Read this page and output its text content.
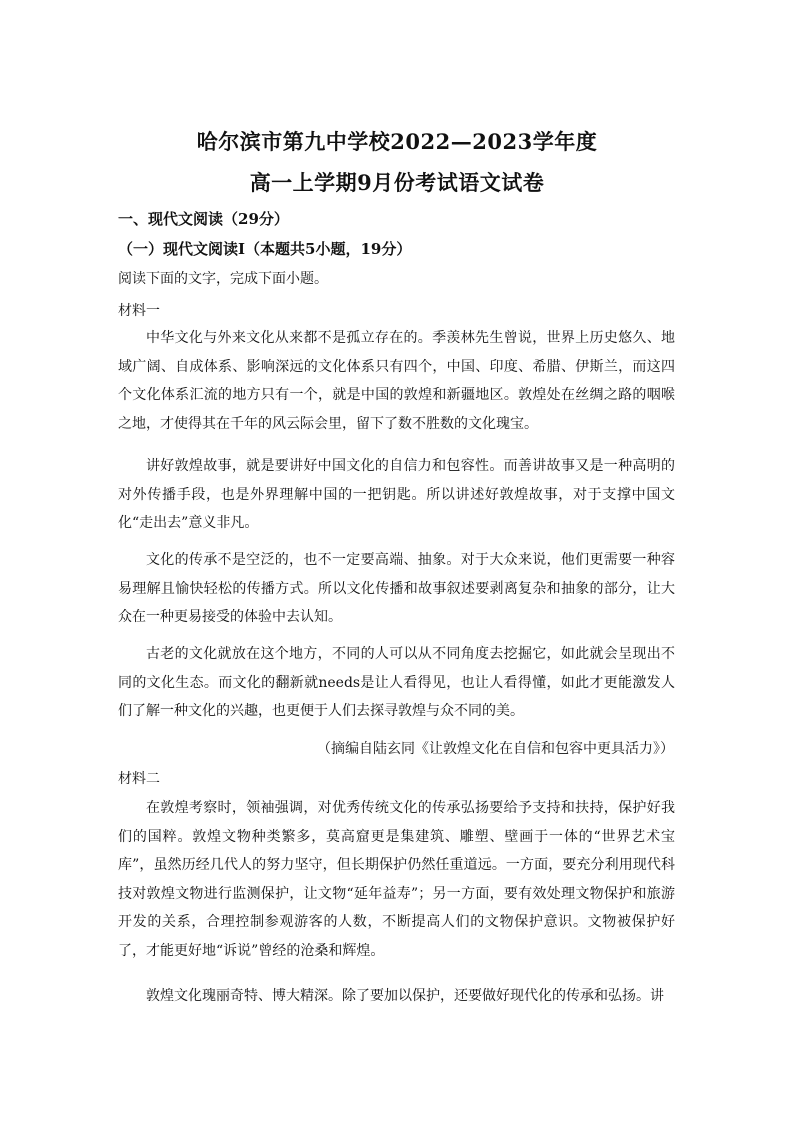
哈尔滨市第九中学校2022—2023学年度
高一上学期9月份考试语文试卷
一、现代文阅读（29分）
（一）现代文阅读Ⅰ（本题共5小题，19分）
阅读下面的文字，完成下面小题。
材料一
中华文化与外来文化从来都不是孤立存在的。季羡林先生曾说，世界上历史悠久、地域广阔、自成体系、影响深远的文化体系只有四个，中国、印度、希腊、伊斯兰，而这四个文化体系汇流的地方只有一个，就是中国的敦煌和新疆地区。敦煌处在丝绸之路的咽喉之地，才使得其在千年的风云际会里，留下了数不胜数的文化瑰宝。
讲好敦煌故事，就是要讲好中国文化的自信力和包容性。而善讲故事又是一种高明的对外传播手段，也是外界理解中国的一把钥匙。所以讲述好敦煌故事，对于支撑中国文化“走出去”意义非凡。
文化的传承不是空泛的，也不一定要高端、抽象。对于大众来说，他们更需要一种容易理解且愉快轻松的传播方式。所以文化传播和故事叙述要剥离复杂和抽象的部分，让大众在一种更易接受的体验中去认知。
古老的文化就放在这个地方，不同的人可以从不同角度去挖掘它，如此就会呈现出不同的文化生态。而文化的翻新就needs是让人看得见，也让人看得懂，如此才更能激发人们了解一种文化的兴趣，也更便于人们去探寻敦煌与众不同的美。
（摘编自陆玄同《让敦煌文化在自信和包容中更具活力》）
材料二
在敦煌考察时，领袖强调，对优秀传统文化的传承弘扬要给予支持和扶持，保护好我们的国粹。敦煌文物种类繁多，莫高窟更是集建筑、雕塑、壁画于一体的“世界艺术宝库”，虽然历经几代人的努力坚守，但长期保护仍然任重道远。一方面，要充分利用现代科技对敦煌文物进行监测保护，让文物“延年益寿”；另一方面，要有效处理文物保护和旅游开发的关系，合理控制参观游客的人数，不断提高人们的文物保护意识。文物被保护好了，才能更好地“诉说”曾经的沧桑和辉煌。
敦煌文化瑰丽奇特、博大精深。除了要加以保护，还要做好现代化的传承和弘扬。讲
